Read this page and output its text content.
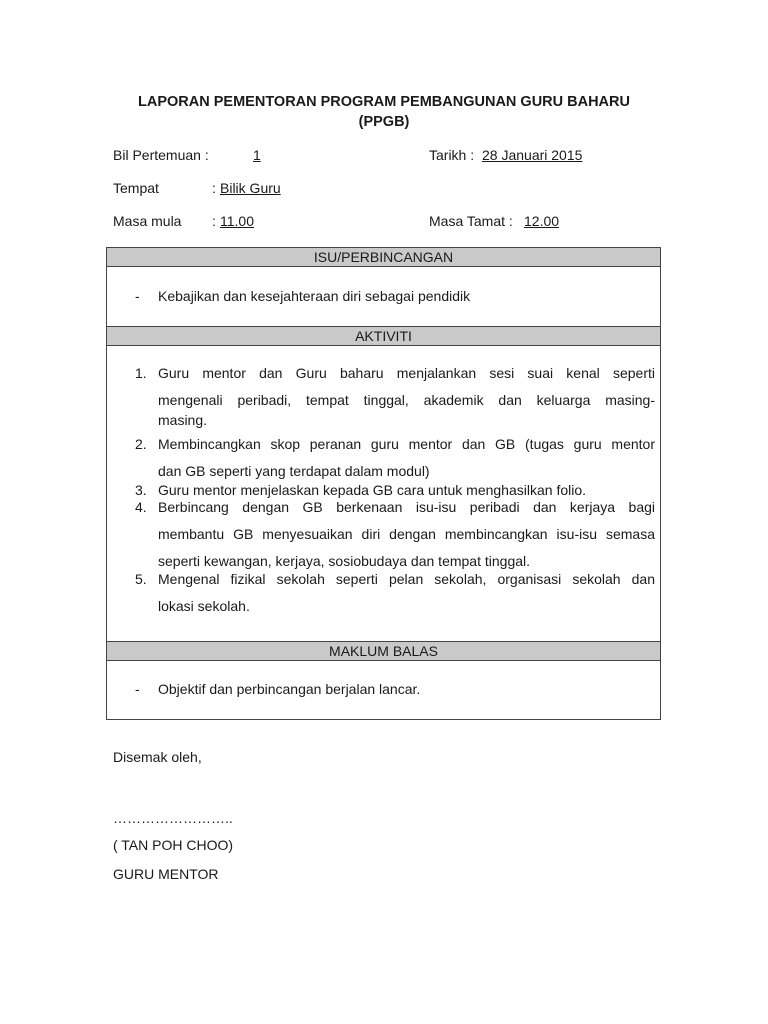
LAPORAN PEMENTORAN PROGRAM PEMBANGUNAN GURU BAHARU
(PPGB)
Bil Pertemuan :	1	Tarikh : 28 Januari 2015
Tempat	: Bilik Guru
Masa mula : 11.00	Masa Tamat : 12.00
ISU/PERBINCANGAN
- Kebajikan dan kesejahteraan diri sebagai pendidik
AKTIVITI
1. Guru mentor dan Guru baharu menjalankan sesi suai kenal seperti
mengenali peribadi, tempat tinggal, akademik dan keluarga masing-
masing.
2. Membincangkan skop peranan guru mentor dan GB (tugas guru mentor
dan GB seperti yang terdapat dalam modul)
3. Guru mentor menjelaskan kepada GB cara untuk menghasilkan folio.
4. Berbincang dengan GB berkenaan isu-isu peribadi dan kerjaya bagi
membantu GB menyesuaikan diri dengan membincangkan isu-isu semasa
seperti kewangan, kerjaya, sosiobudaya dan tempat tinggal.
5. Mengenal fizikal sekolah seperti pelan sekolah, organisasi sekolah dan
lokasi sekolah.
MAKLUM BALAS
- Objektif dan perbincangan berjalan lancar.
Disemak oleh,
……………………..
( TAN POH CHOO)
GURU MENTOR
